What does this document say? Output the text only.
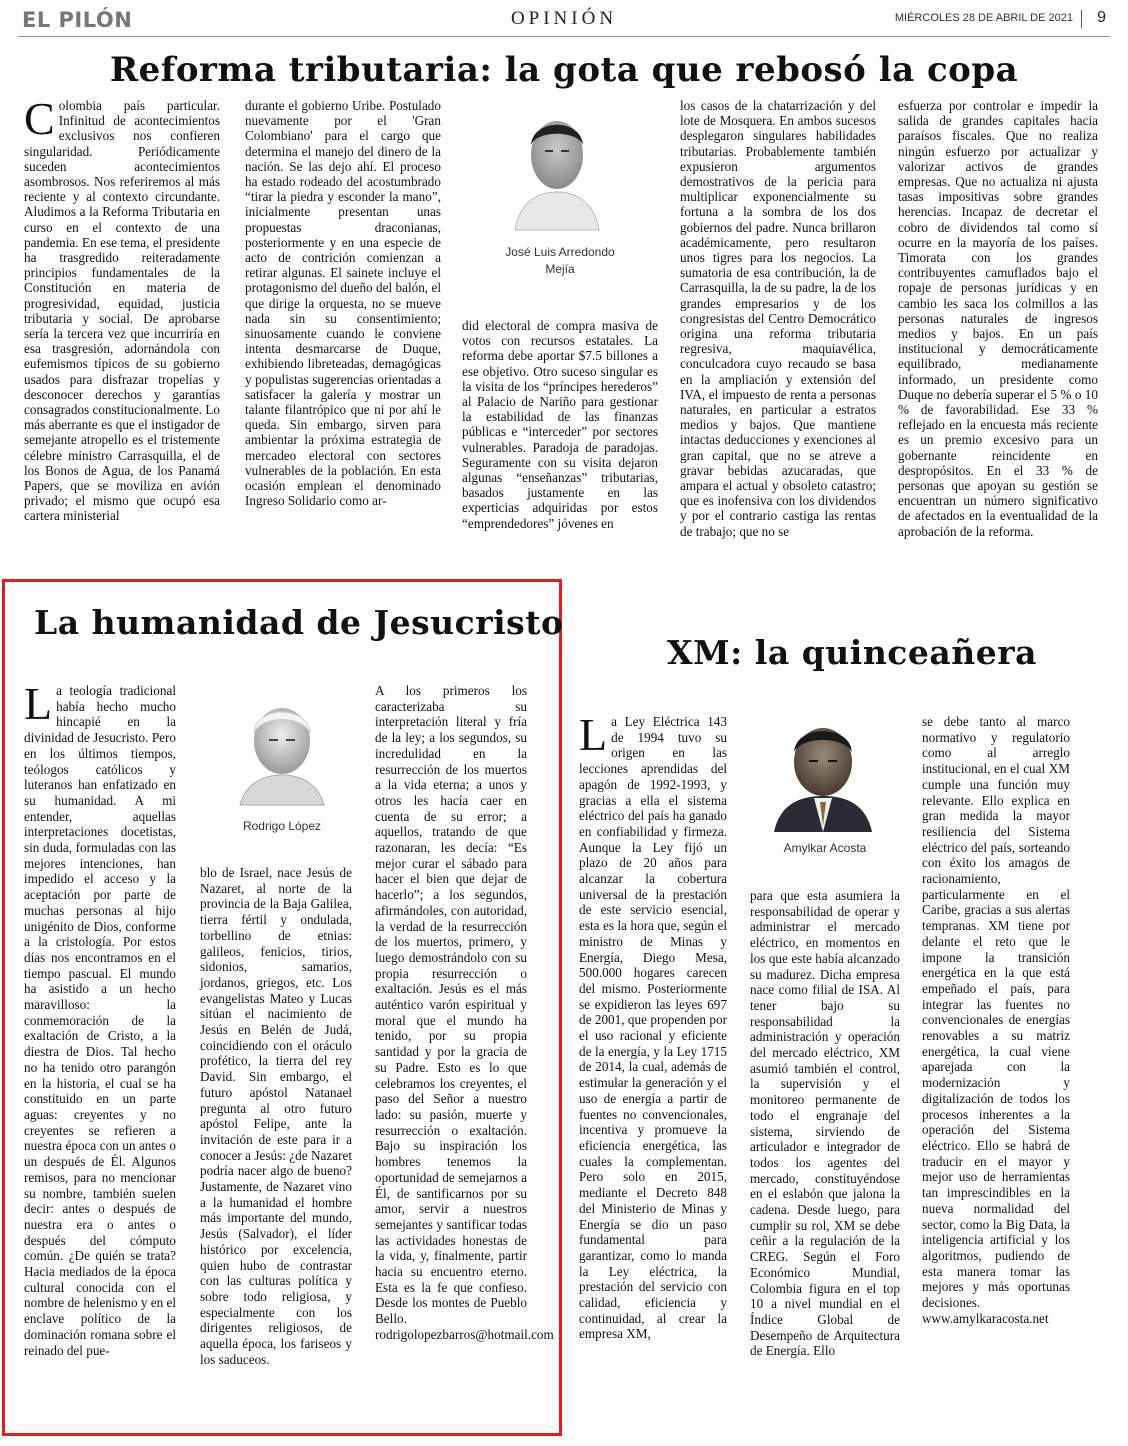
EL PILÓN	OPINIÓN	MIÉRCOLES 28 DE ABRIL DE 2021 9
Reforma tributaria: la gota que rebosó la copa
Colombia país particular. Infinitud de acontecimientos exclusivos nos confieren singularidad. Periódicamente suceden acontecimientos asombrosos. Nos referiremos al más reciente y al contexto circundante. Aludimos a la Reforma Tributaria en curso en el contexto de una pandemia. En ese tema, el presidente ha trasgredido reiteradamente principios fundamentales de la Constitución en materia de progresividad, equidad, justicia tributaria y social. De aprobarse sería la tercera vez que incurriría en esa trasgresión, adornándola con eufemismos típicos de su gobierno usados para disfrazar tropelías y desconocer derechos y garantías consagrados constitucionalmente. Lo más aberrante es que el instigador de semejante atropello es el tristemente célebre ministro Carrasquilla, el de los Bonos de Agua, de los Panamá Papers, que se moviliza en avión privado; el mismo que ocupó esa cartera ministerial
durante el gobierno Uribe. Postulado nuevamente por el 'Gran Colombiano' para el cargo que determina el manejo del dinero de la nación. Se las dejo ahí. El proceso ha estado rodeado del acostumbrado “tirar la piedra y esconder la mano”, inicialmente presentan unas propuestas draconianas, posteriormente y en una especie de acto de contrición comienzan a retirar algunas. El sainete incluye el protagonismo del dueño del balón, el que dirige la orquesta, no se mueve nada sin su consentimiento; sinuosamente cuando le conviene intenta desmarcarse de Duque, exhibiendo libreteadas, demagógicas y populistas sugerencias orientadas a satisfacer la galería y mostrar un talante filantrópico que ni por ahí le queda. Sin embargo, sirven para ambientar la próxima estrategia de mercadeo electoral con sectores vulnerables de la población. En esta ocasión emplean el denominado Ingreso Solidario como ar-
José Luis Arredondo
Mejía
did electoral de compra masiva de votos con recursos estatales. La reforma debe aportar $7.5 billones a ese objetivo. Otro suceso singular es la visita de los “príncipes herederos” al Palacio de Nariño para gestionar la estabilidad de las finanzas públicas e “interceder” por sectores vulnerables. Paradoja de paradojas. Seguramente con su visita dejaron algunas “enseñanzas” tributarias, basados justamente en las experticias adquiridas por estos “emprendedores” jóvenes en
los casos de la chatarrización y del lote de Mosquera. En ambos sucesos desplegaron singulares habilidades tributarias. Probablemente también expusieron argumentos demostrativos de la pericia para multiplicar exponencialmente su fortuna a la sombra de los dos gobiernos del padre. Nunca brillaron académicamente, pero resultaron unos tigres para los negocios. La sumatoria de esa contribución, la de Carrasquilla, la de su padre, la de los grandes empresarios y de los congresistas del Centro Democrático origina una reforma tributaria regresiva, maquiavélica, conculcadora cuyo recaudo se basa en la ampliación y extensión del IVA, el impuesto de renta a personas naturales, en particular a estratos medios y bajos. Que mantiene intactas deducciones y exenciones al gran capital, que no se atreve a gravar bebidas azucaradas, que ampara el actual y obsoleto catastro; que es inofensiva con los dividendos y por el contrario castiga las rentas de trabajo; que no se
esfuerza por controlar e impedir la salida de grandes capitales hacia paraísos fiscales. Que no realiza ningún esfuerzo por actualizar y valorizar activos de grandes empresas. Que no actualiza ni ajusta tasas impositivas sobre grandes herencias. Incapaz de decretar el cobro de dividendos tal como sí ocurre en la mayoría de los países. Timorata con los grandes contribuyentes camuflados bajo el ropaje de personas jurídicas y en cambio les saca los colmillos a las personas naturales de ingresos medios y bajos. En un país institucional y democráticamente equilibrado, medianamente informado, un presidente como Duque no debería superar el 5 % o 10 % de favorabilidad. Ese 33 % reflejado en la encuesta más reciente es un premio excesivo para un gobernante reincidente en despropósitos. En el 33 % de personas que apoyan su gestión se encuentran un número significativo de afectados en la eventualidad de la aprobación de la reforma.
La humanidad de Jesucristo
La teología tradicional había hecho mucho hincapié en la divinidad de Jesucristo. Pero en los últimos tiempos, teólogos católicos y luteranos han enfatizado en su humanidad. A mi entender, aquellas interpretaciones docetistas, sin duda, formuladas con las mejores intenciones, han impedido el acceso y la aceptación por parte de muchas personas al hijo unigénito de Dios, conforme a la cristología. Por estos días nos encontramos en el tiempo pascual. El mundo ha asistido a un hecho maravilloso: la conmemoración de la exaltación de Cristo, a la diestra de Dios. Tal hecho no ha tenido otro parangón en la historia, el cual se ha constituido en un parte aguas: creyentes y no creyentes se refieren a nuestra época con un antes o un después de Él. Algunos remisos, para no mencionar su nombre, también suelen decir: antes o después de nuestra era o antes o después del cómputo común. ¿De quién se trata? Hacia mediados de la época cultural conocida con el nombre de helenismo y en el enclave político de la dominación romana sobre el reinado del pue-
Rodrigo López
blo de Israel, nace Jesús de Nazaret, al norte de la provincia de la Baja Galilea, tierra fértil y ondulada, torbellino de etnias: galileos, fenicios, tirios, sidonios, samarios, jordanos, griegos, etc. Los evangelistas Mateo y Lucas sitúan el nacimiento de Jesús en Belén de Judá, coincidiendo con el oráculo profético, la tierra del rey David. Sin embargo, el futuro apóstol Natanael pregunta al otro futuro apóstol Felipe, ante la invitación de este para ir a conocer a Jesús: ¿de Nazaret podría nacer algo de bueno? Justamente, de Nazaret vino a la humanidad el hombre más importante del mundo, Jesús (Salvador), el líder histórico por excelencia, quien hubo de contrastar con las culturas política y sobre todo religiosa, y especialmente con los dirigentes religiosos, de aquella época, los fariseos y los saduceos.
A los primeros los caracterizaba su interpretación literal y fría de la ley; a los segundos, su incredulidad en la resurrección de los muertos a la vida eterna; a unos y otros les hacía caer en cuenta de su error; a aquellos, tratando de que razonaran, les decía: “Es mejor curar el sábado para hacer el bien que dejar de hacerlo”; a los segundos, afirmándoles, con autoridad, la verdad de la resurrección de los muertos, primero, y luego demostrándolo con su propia resurrección o exaltación. Jesús es el más auténtico varón espiritual y moral que el mundo ha tenido, por su propia santidad y por la gracia de su Padre. Esto es lo que celebramos los creyentes, el paso del Señor a nuestro lado: su pasión, muerte y resurrección o exaltación. Bajo su inspiración los hombres tenemos la oportunidad de semejarnos a Él, de santificarnos por su amor, servir a nuestros semejantes y santificar todas las actividades honestas de la vida, y, finalmente, partir hacia su encuentro eterno. Esta es la fe que confieso. Desde los montes de Pueblo Bello. rodrigolopezbarros@hotmail.com
XM: la quinceañera
La Ley Eléctrica 143 de 1994 tuvo su origen en las lecciones aprendidas del apagón de 1992-1993, y gracias a ella el sistema eléctrico del país ha ganado en confiabilidad y firmeza. Aunque la Ley fijó un plazo de 20 años para alcanzar la cobertura universal de la prestación de este servicio esencial, esta es la hora que, según el ministro de Minas y Energía, Diego Mesa, 500.000 hogares carecen del mismo. Posteriormente se expidieron las leyes 697 de 2001, que propenden por el uso racional y eficiente de la energía, y la Ley 1715 de 2014, la cual, además de estimular la generación y el uso de energía a partir de fuentes no convencionales, incentiva y promueve la eficiencia energética, las cuales la complementan. Pero solo en 2015, mediante el Decreto 848 del Ministerio de Minas y Energía se dio un paso fundamental para garantizar, como lo manda la Ley eléctrica, la prestación del servicio con calidad, eficiencia y continuidad, al crear la empresa XM,
Amylkar Acosta
para que esta asumiera la responsabilidad de operar y administrar el mercado eléctrico, en momentos en los que este había alcanzado su madurez. Dicha empresa nace como filial de ISA. Al tener bajo su responsabilidad la administración y operación del mercado eléctrico, XM asumió también el control, la supervisión y el monitoreo permanente de todo el engranaje del sistema, sirviendo de articulador e integrador de todos los agentes del mercado, constituyéndose en el eslabón que jalona la cadena. Desde luego, para cumplir su rol, XM se debe ceñir a la regulación de la CREG. Según el Foro Económico Mundial, Colombia figura en el top 10 a nivel mundial en el Índice Global de Desempeño de Arquitectura de Energía. Ello
se debe tanto al marco normativo y regulatorio como al arreglo institucional, en el cual XM cumple una función muy relevante. Ello explica en gran medida la mayor resiliencia del Sistema eléctrico del país, sorteando con éxito los amagos de racionamiento, particularmente en el Caribe, gracias a sus alertas tempranas. XM tiene por delante el reto que le impone la transición energética en la que está empeñado el país, para integrar las fuentes no convencionales de energías renovables a su matriz energética, la cual viene aparejada con la modernización y digitalización de todos los procesos inherentes a la operación del Sistema eléctrico. Ello se habrá de traducir en el mayor y mejor uso de herramientas tan imprescindibles en la nueva normalidad del sector, como la Big Data, la inteligencia artificial y los algoritmos, pudiendo de esta manera tomar las mejores y más oportunas decisiones. www.amylkaracosta.net
